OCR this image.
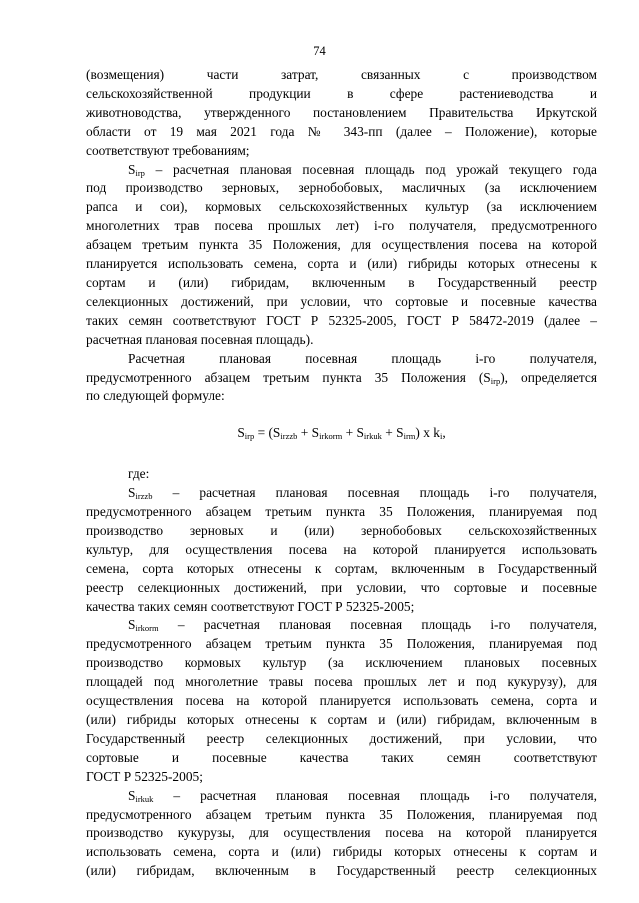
74
(возмещения) части затрат, связанных с производством
сельскохозяйственной продукции в сфере растениеводства и
животноводства, утвержденного постановлением Правительства Иркутской
области от 19 мая 2021 года № 343-пп (далее – Положение), которые
соответствуют требованиям;
$S_{irp}$ – расчетная плановая посевная площадь под урожай текущего года
под производство зерновых, зернобобовых, масличных (за исключением
рапса и сои), кормовых сельскохозяйственных культур (за исключением
многолетних трав посева прошлых лет) i-го получателя, предусмотренного
абзацем третьим пункта 35 Положения, для осуществления посева на которой
планируется использовать семена, сорта и (или) гибриды которых отнесены к
сортам и (или) гибридам, включенным в Государственный реестр
селекционных достижений, при условии, что сортовые и посевные качества
таких семян соответствуют ГОСТ Р 52325-2005, ГОСТ Р 58472-2019 (далее –
расчетная плановая посевная площадь).
Расчетная плановая посевная площадь i-го получателя,
предусмотренного абзацем третьим пункта 35 Положения $(S_{irp})$, определяется
по следующей формуле:
$S_{irp} = (S_{irzzb} + S_{irkorm} + S_{irkuk} + S_{irm})$ x $k_i$,
где:
$S_{irzzb}$ – расчетная плановая посевная площадь i-го получателя,
предусмотренного абзацем третьим пункта 35 Положения, планируемая под
производство зерновых и (или) зернобобовых сельскохозяйственных
культур, для осуществления посева на которой планируется использовать
семена, сорта которых отнесены к сортам, включенным в Государственный
реестр селекционных достижений, при условии, что сортовые и посевные
качества таких семян соответствуют ГОСТ Р 52325-2005;
$S_{irkorm}$ – расчетная плановая посевная площадь i-го получателя,
предусмотренного абзацем третьим пункта 35 Положения, планируемая под
производство кормовых культур (за исключением плановых посевных
площадей под многолетние травы посева прошлых лет и под кукурузу), для
осуществления посева на которой планируется использовать семена, сорта и
(или) гибриды которых отнесены к сортам и (или) гибридам, включенным в
Государственный реестр селекционных достижений, при условии, что
сортовые и посевные качества таких семян соответствуют
ГОСТ Р 52325-2005;
$S_{irkuk}$ – расчетная плановая посевная площадь i-го получателя,
предусмотренного абзацем третьим пункта 35 Положения, планируемая под
производство кукурузы, для осуществления посева на которой планируется
использовать семена, сорта и (или) гибриды которых отнесены к сортам и
(или) гибридам, включенным в Государственный реестр селекционных
